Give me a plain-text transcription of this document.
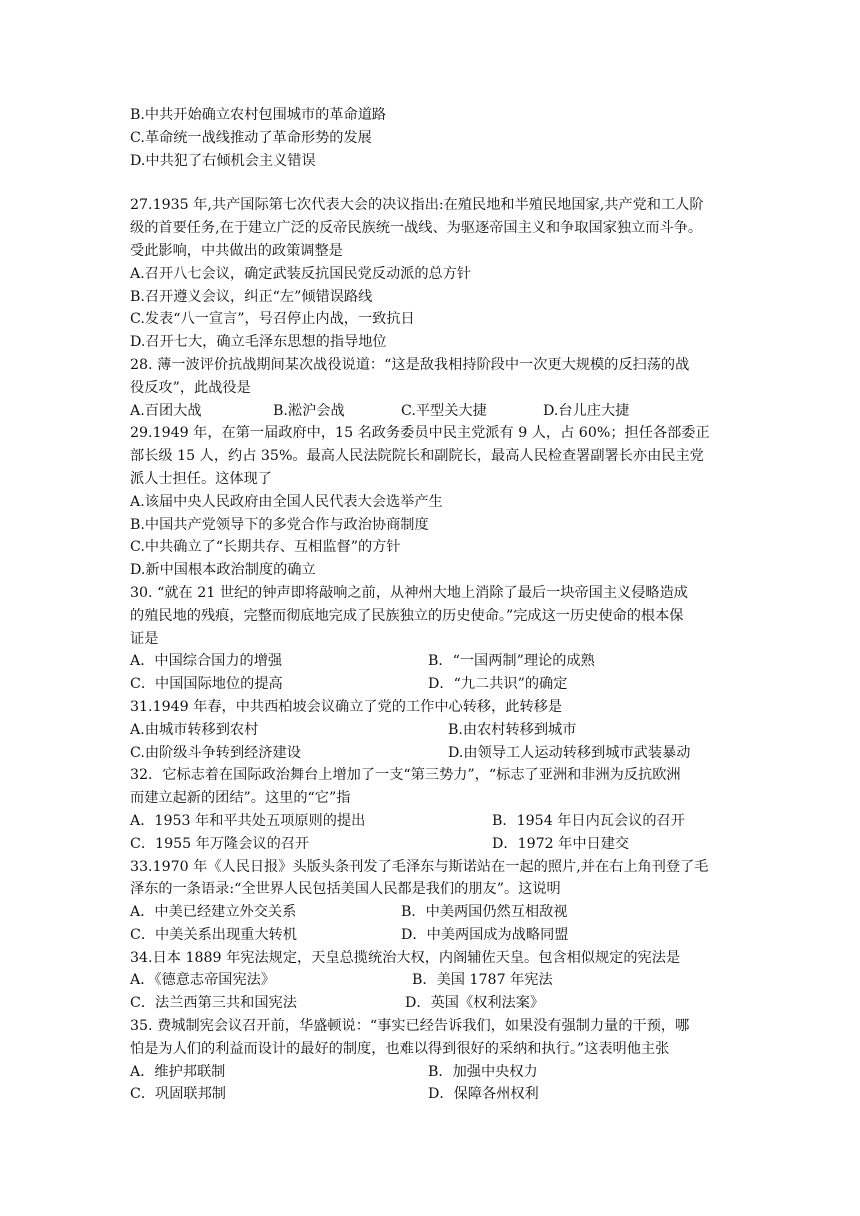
B.中共开始确立农村包围城市的革命道路
C.革命统一战线推动了革命形势的发展
D.中共犯了右倾机会主义错误
27.1935 年,共产国际第七次代表大会的决议指出:在殖民地和半殖民地国家,共产党和工人阶
级的首要任务,在于建立广泛的反帝民族统一战线、为驱逐帝国主义和争取国家独立而斗争。
受此影响，中共做出的政策调整是
A.召开八七会议，确定武装反抗国民党反动派的总方针
B.召开遵义会议，纠正“左”倾错误路线
C.发表“八一宣言”，号召停止内战，一致抗日
D.召开七大，确立毛泽东思想的指导地位
28. 薄一波评价抗战期间某次战役说道：“这是敌我相持阶段中一次更大规模的反扫荡的战
役反攻”，此战役是
A.百团大战	B.淞沪会战	C.平型关大捷	D.台儿庄大捷
29.1949 年，在第一届政府中，15 名政务委员中民主党派有 9 人，占 60%；担任各部委正
部长级 15 人，约占 35%。最高人民法院院长和副院长，最高人民检查署副署长亦由民主党
派人士担任。这体现了
A.该届中央人民政府由全国人民代表大会选举产生
B.中国共产党领导下的多党合作与政治协商制度
C.中共确立了“长期共存、互相监督”的方针
D.新中国根本政治制度的确立
30. “就在 21 世纪的钟声即将敲响之前，从神州大地上消除了最后一块帝国主义侵略造成
的殖民地的残痕，完整而彻底地完成了民族独立的历史使命。”完成这一历史使命的根本保
证是
A．中国综合国力的增强	B．“一国两制”理论的成熟
C．中国国际地位的提高	D．“九二共识”的确定
31.1949 年春，中共西柏坡会议确立了党的工作中心转移，此转移是
A.由城市转移到农村	B.由农村转移到城市
C.由阶级斗争转到经济建设	D.由领导工人运动转移到城市武装暴动
32．它标志着在国际政治舞台上增加了一支“第三势力”，“标志了亚洲和非洲为反抗欧洲
而建立起新的团结”。这里的“它”指
A．1953 年和平共处五项原则的提出	B．1954 年日内瓦会议的召开
C．1955 年万隆会议的召开	D．1972 年中日建交
33.1970 年《人民日报》头版头条刊发了毛泽东与斯诺站在一起的照片,并在右上角刊登了毛
泽东的一条语录:“全世界人民包括美国人民都是我们的朋友”。这说明
A．中美已经建立外交关系	B．中美两国仍然互相敌视
C．中美关系出现重大转机	D．中美两国成为战略同盟
34.日本 1889 年宪法规定，天皇总揽统治大权，内阁辅佐天皇。包含相似规定的宪法是
A．《德意志帝国宪法》	B．美国 1787 年宪法
C．法兰西第三共和国宪法	D．英国《权利法案》
35. 费城制宪会议召开前，华盛顿说：“事实已经告诉我们，如果没有强制力量的干预，哪
怕是为人们的利益而设计的最好的制度，也难以得到很好的采纳和执行。”这表明他主张
A．维护邦联制	B．加强中央权力
C．巩固联邦制	D．保障各州权利
